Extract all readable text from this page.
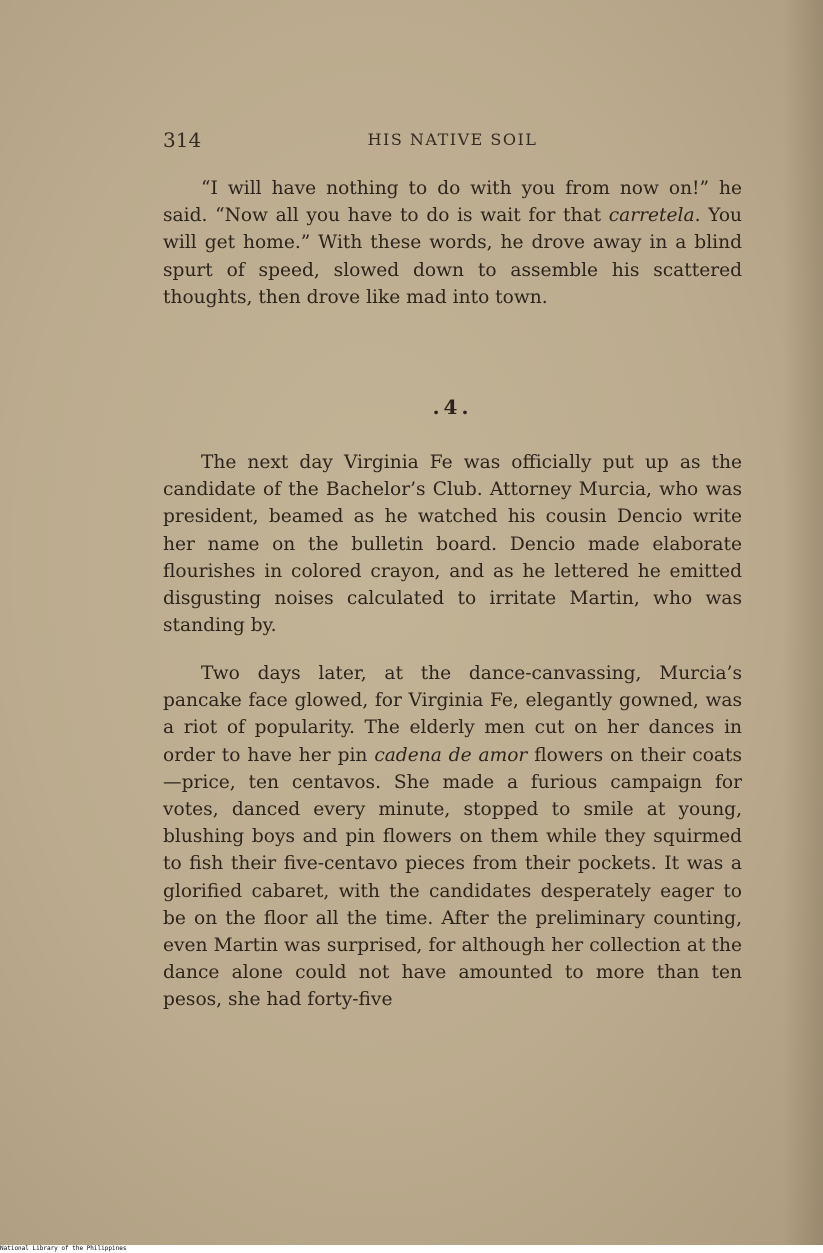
314	HIS NATIVE SOIL

“I will have nothing to do with you from now on!” he said. “Now all you have to do is wait for that carretela. You will get home.” With these words, he drove away in a blind spurt of speed, slowed down to assemble his scattered thoughts, then drove like mad into town.

.4.

The next day Virginia Fe was officially put up as the candidate of the Bachelor’s Club. Attorney Murcia, who was president, beamed as he watched his cousin Dencio write her name on the bulletin board. Dencio made elaborate flourishes in colored crayon, and as he lettered he emitted disgusting noises calculated to irritate Martin, who was standing by.

Two days later, at the dance-canvassing, Murcia’s pancake face glowed, for Virginia Fe, elegantly gowned, was a riot of popularity. The elderly men cut on her dances in order to have her pin cadena de amor flowers on their coats—price, ten centavos. She made a furious campaign for votes, danced every minute, stopped to smile at young, blushing boys and pin flowers on them while they squirmed to fish their five-centavo pieces from their pockets. It was a glorified cabaret, with the candidates desperately eager to be on the floor all the time. After the preliminary counting, even Martin was surprised, for although her collection at the dance alone could not have amounted to more than ten pesos, she had forty-five

National Library of the Philippines
